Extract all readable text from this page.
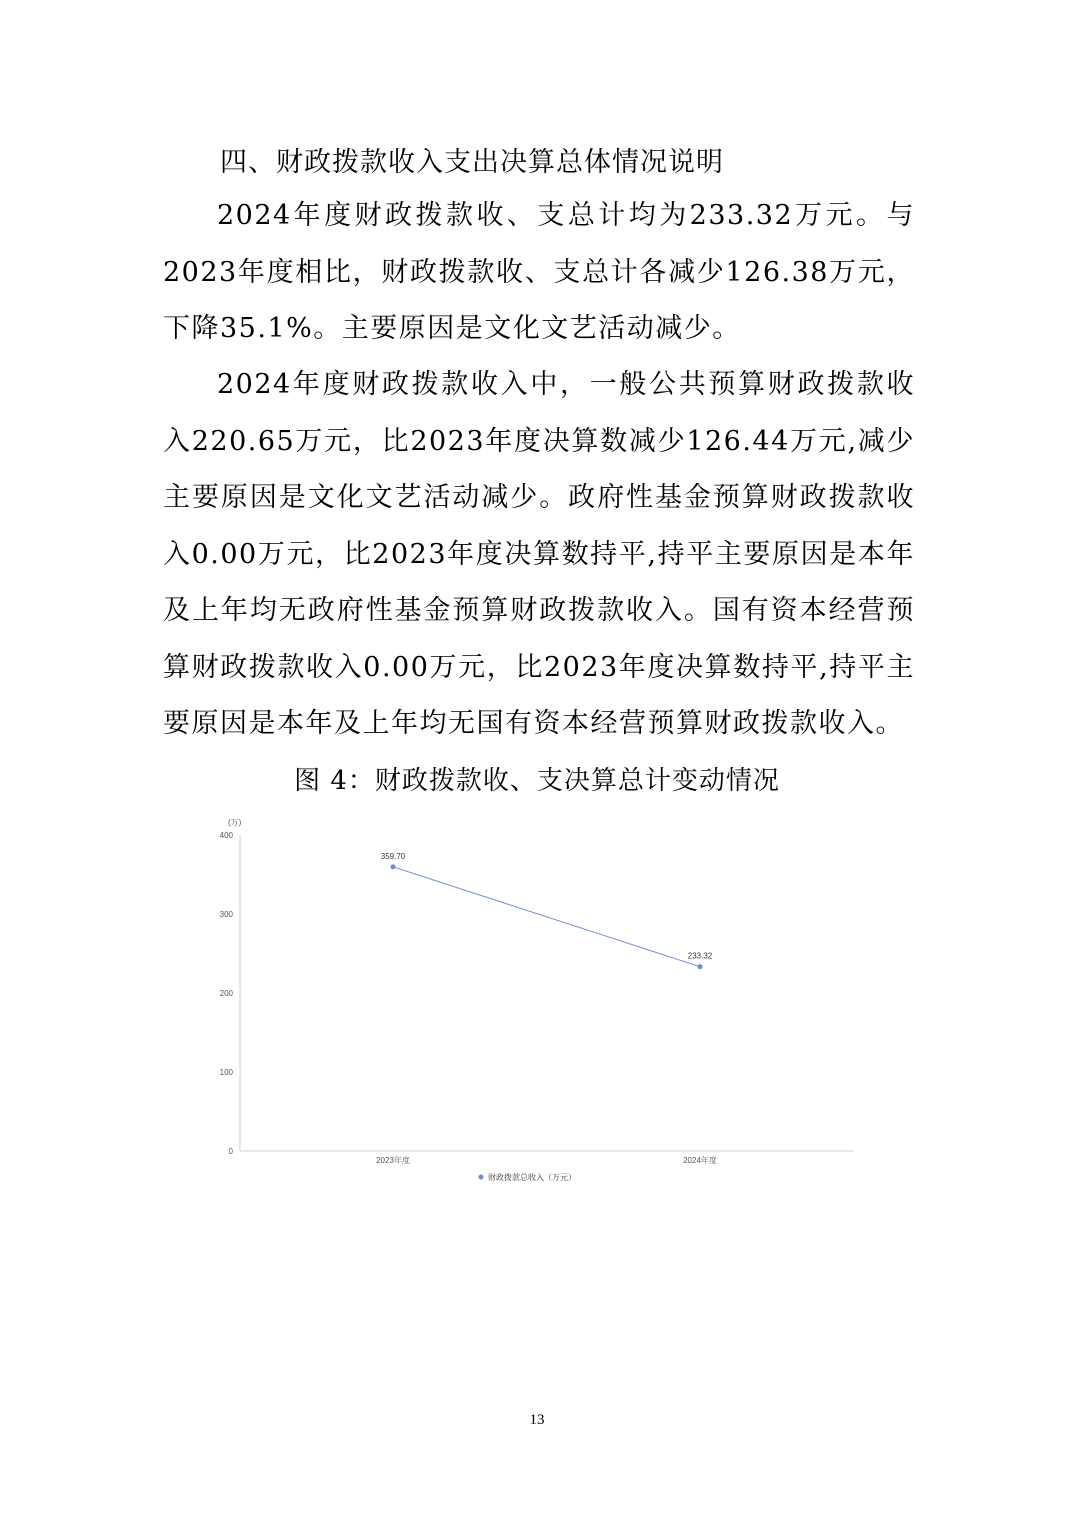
四、财政拨款收入支出决算总体情况说明

2024年度财政拨款收、支总计均为233.32万元。与2023年度相比，财政拨款收、支总计各减少126.38万元，下降35.1%。主要原因是文化文艺活动减少。

2024年度财政拨款收入中，一般公共预算财政拨款收入220.65万元，比2023年度决算数减少126.44万元,减少主要原因是文化文艺活动减少。政府性基金预算财政拨款收入0.00万元，比2023年度决算数持平,持平主要原因是本年及上年均无政府性基金预算财政拨款收入。国有资本经营预算财政拨款收入0.00万元，比2023年度决算数持平,持平主要原因是本年及上年均无国有资本经营预算财政拨款收入。

图 4：财政拨款收、支决算总计变动情况
(万)
0
100
200
300
400
2023年度	2024年度
359.70
233.32
财政拨款总收入（万元）
13
